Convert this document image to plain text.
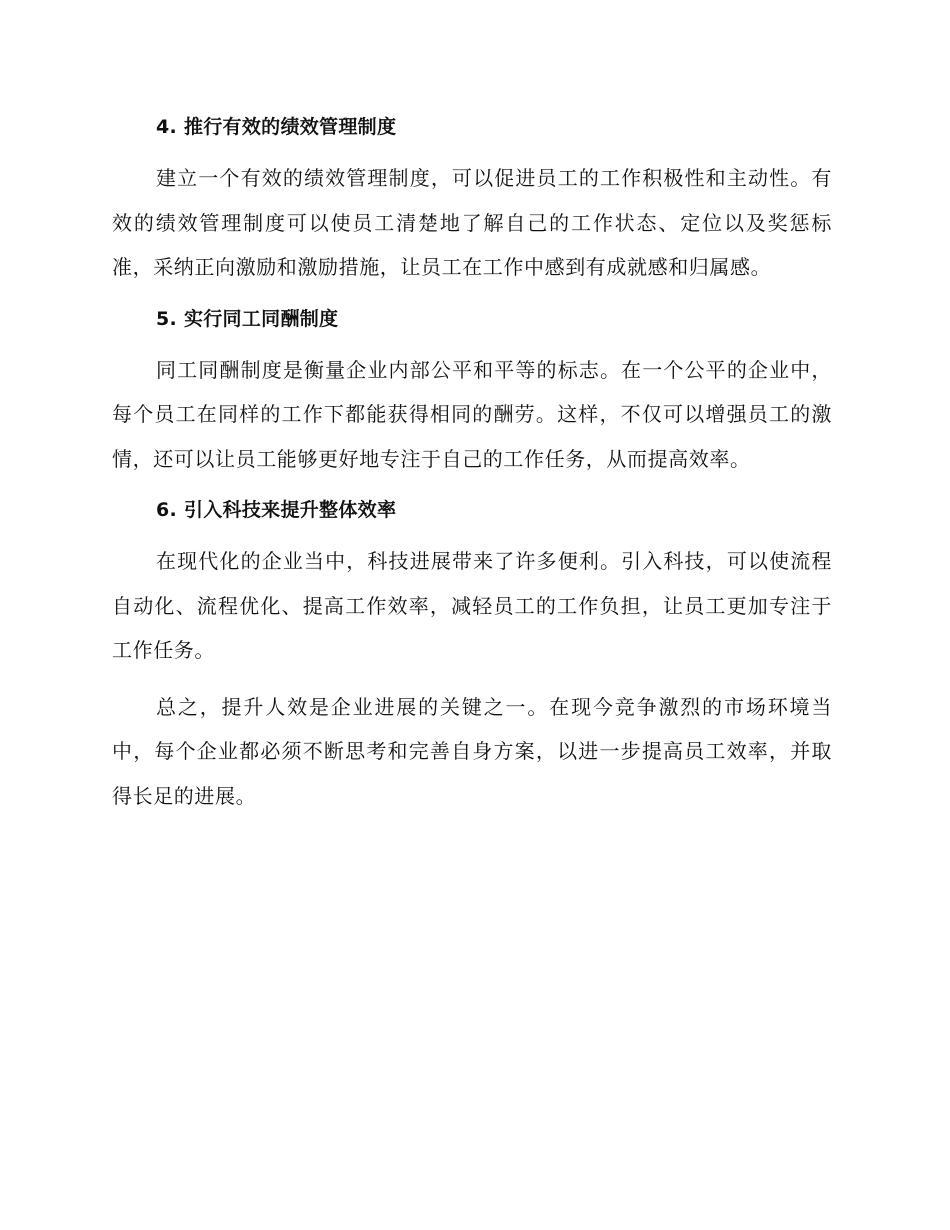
4. 推行有效的绩效管理制度

建立一个有效的绩效管理制度，可以促进员工的工作积极性和主动性。有效的绩效管理制度可以使员工清楚地了解自己的工作状态、定位以及奖惩标准，采纳正向激励和激励措施，让员工在工作中感到有成就感和归属感。

5. 实行同工同酬制度

同工同酬制度是衡量企业内部公平和平等的标志。在一个公平的企业中，每个员工在同样的工作下都能获得相同的酬劳。这样，不仅可以增强员工的激情，还可以让员工能够更好地专注于自己的工作任务，从而提高效率。

6. 引入科技来提升整体效率

在现代化的企业当中，科技进展带来了许多便利。引入科技，可以使流程自动化、流程优化、提高工作效率，减轻员工的工作负担，让员工更加专注于工作任务。

总之，提升人效是企业进展的关键之一。在现今竞争激烈的市场环境当中，每个企业都必须不断思考和完善自身方案，以进一步提高员工效率，并取得长足的进展。
